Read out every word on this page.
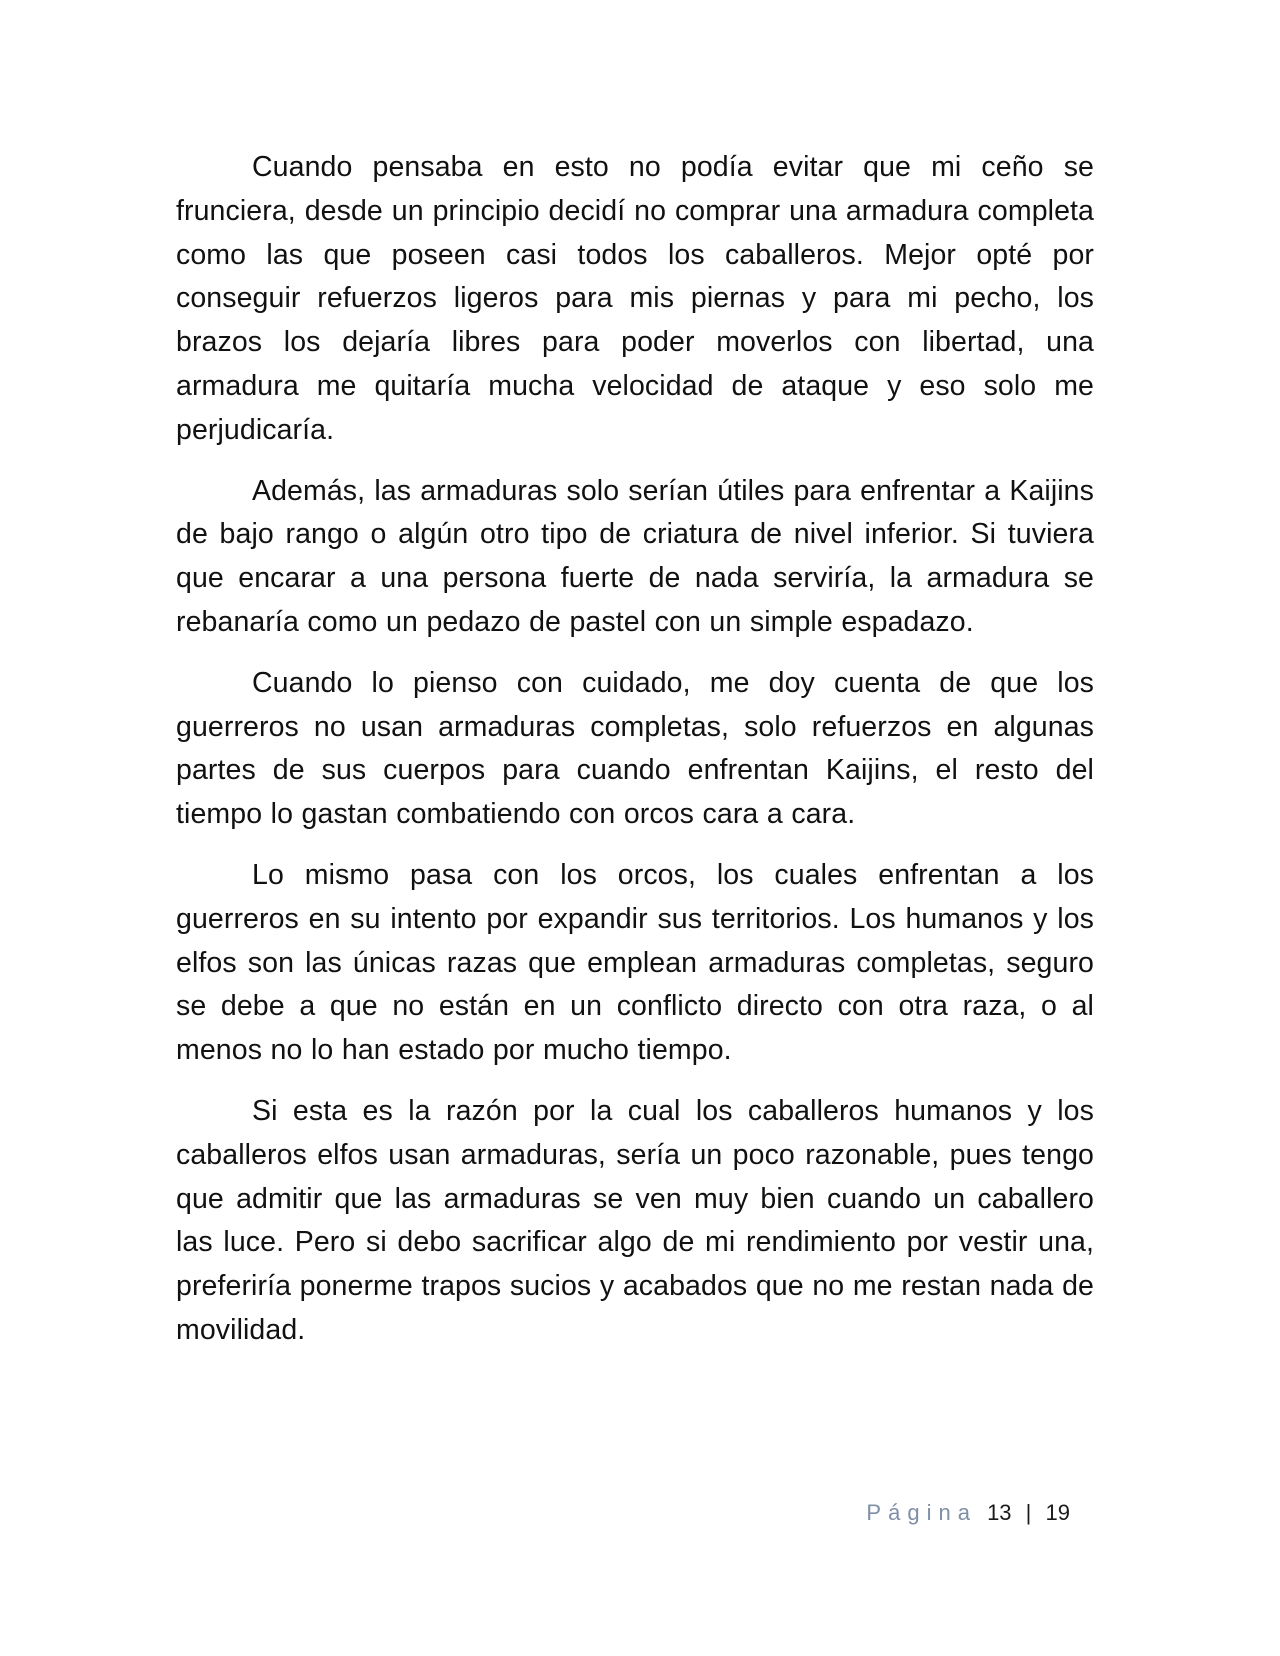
Cuando pensaba en esto no podía evitar que mi ceño se frunciera, desde un principio decidí no comprar una armadura completa como las que poseen casi todos los caballeros. Mejor opté por conseguir refuerzos ligeros para mis piernas y para mi pecho, los brazos los dejaría libres para poder moverlos con libertad, una armadura me quitaría mucha velocidad de ataque y eso solo me perjudicaría.

Además, las armaduras solo serían útiles para enfrentar a Kaijins de bajo rango o algún otro tipo de criatura de nivel inferior. Si tuviera que encarar a una persona fuerte de nada serviría, la armadura se rebanaría como un pedazo de pastel con un simple espadazo.

Cuando lo pienso con cuidado, me doy cuenta de que los guerreros no usan armaduras completas, solo refuerzos en algunas partes de sus cuerpos para cuando enfrentan Kaijins, el resto del tiempo lo gastan combatiendo con orcos cara a cara.

Lo mismo pasa con los orcos, los cuales enfrentan a los guerreros en su intento por expandir sus territorios. Los humanos y los elfos son las únicas razas que emplean armaduras completas, seguro se debe a que no están en un conflicto directo con otra raza, o al menos no lo han estado por mucho tiempo.

Si esta es la razón por la cual los caballeros humanos y los caballeros elfos usan armaduras, sería un poco razonable, pues tengo que admitir que las armaduras se ven muy bien cuando un caballero las luce. Pero si debo sacrificar algo de mi rendimiento por vestir una, preferiría ponerme trapos sucios y acabados que no me restan nada de movilidad.

Página 13 | 19
